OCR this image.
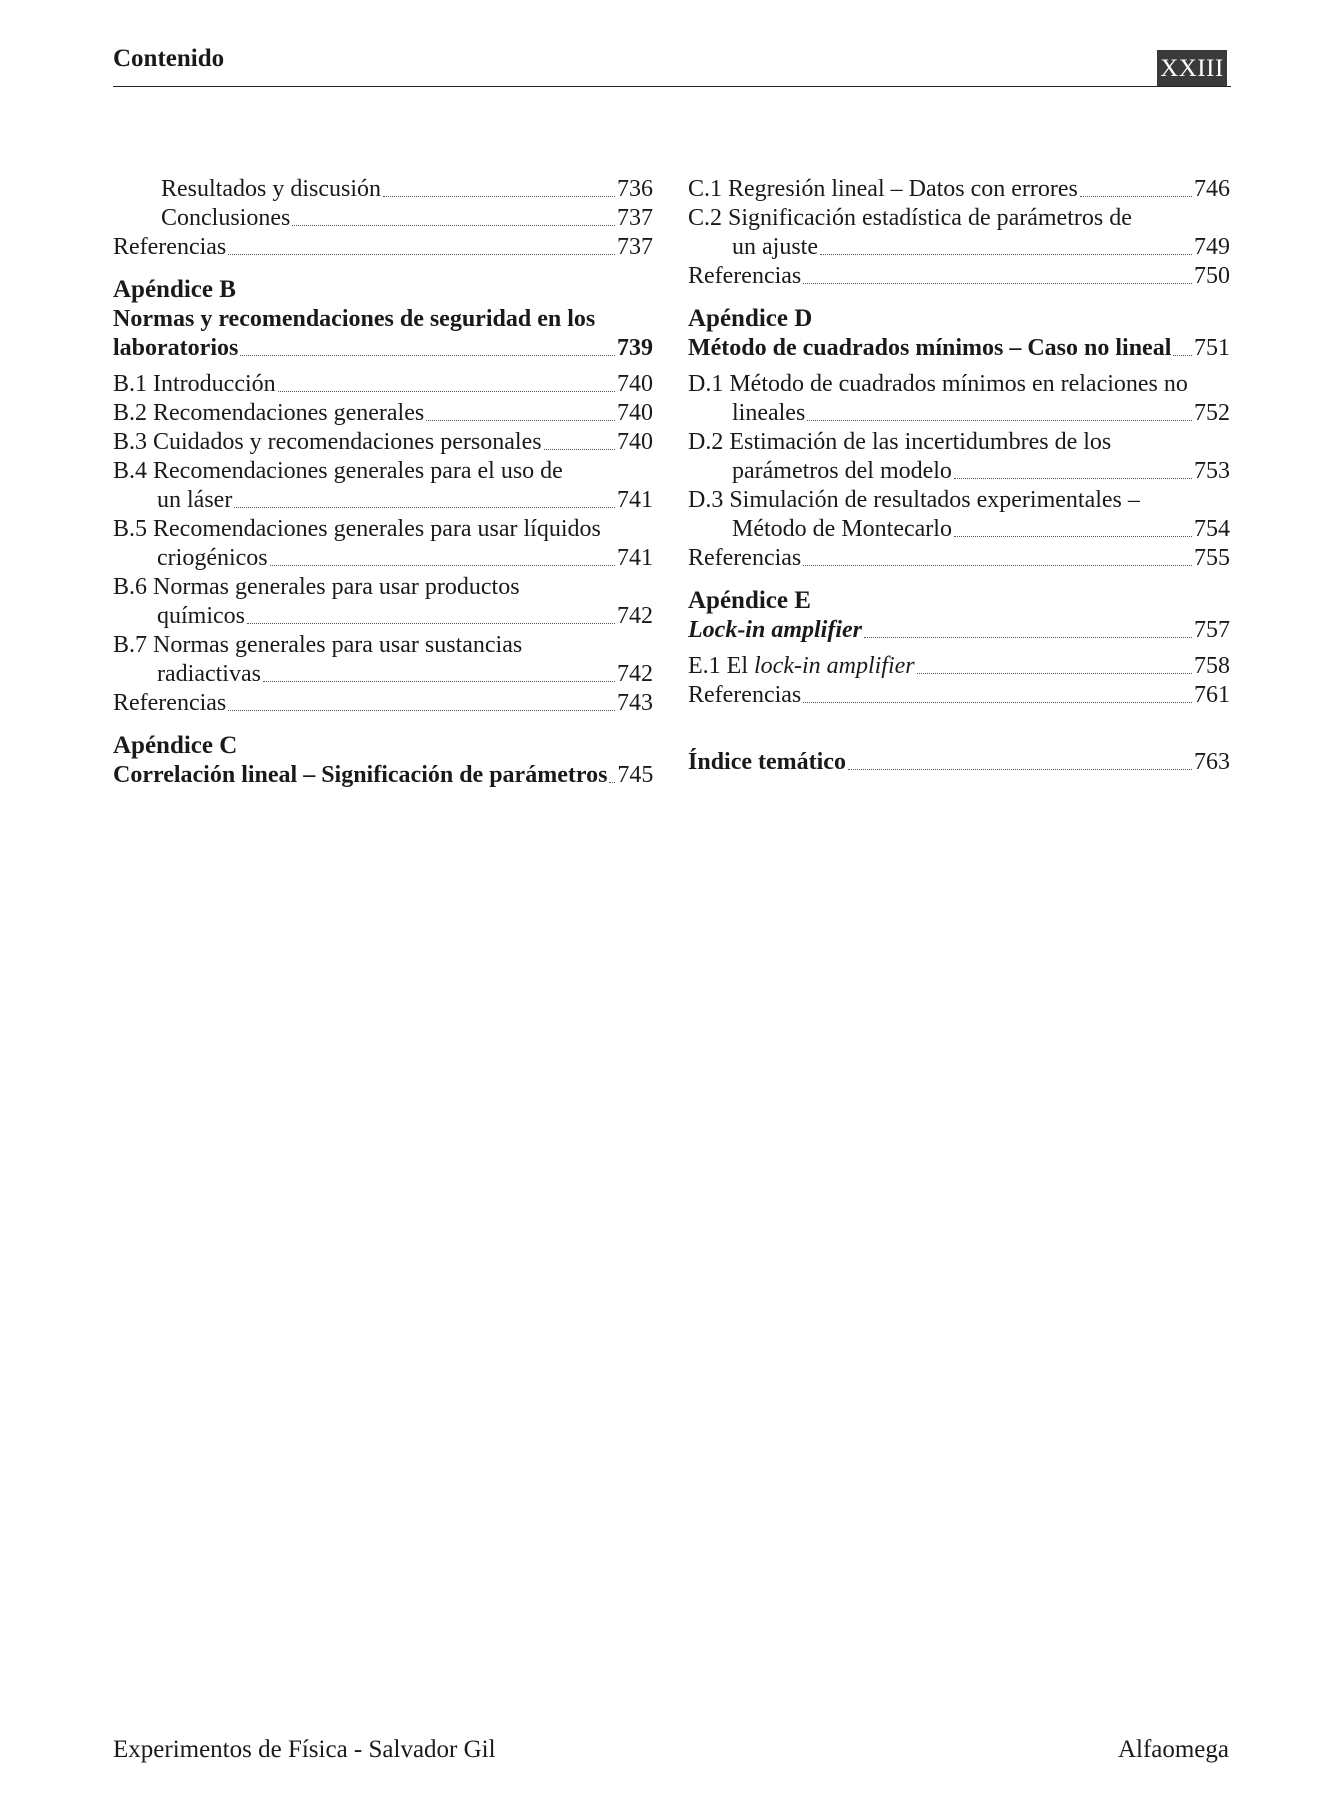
Contenido	XXIII
Resultados y discusión	736
Conclusiones	737
Referencias	737
Apéndice B
Normas y recomendaciones de seguridad en los
laboratorios	739
B.1 Introducción	740
B.2 Recomendaciones generales	740
B.3 Cuidados y recomendaciones personales	740
B.4 Recomendaciones generales para el uso de
un láser	741
B.5 Recomendaciones generales para usar líquidos
criogénicos	741
B.6 Normas generales para usar productos
químicos	742
B.7 Normas generales para usar sustancias
radiactivas	742
Referencias	743
Apéndice C
Correlación lineal – Significación de parámetros 745
C.1 Regresión lineal – Datos con errores	746
C.2 Significación estadística de parámetros de
un ajuste	749
Referencias	750
Apéndice D
Método de cuadrados mínimos – Caso no lineal 751
D.1 Método de cuadrados mínimos en relaciones no
lineales	752
D.2 Estimación de las incertidumbres de los
parámetros del modelo	753
D.3 Simulación de resultados experimentales –
Método de Montecarlo	754
Referencias	755
Apéndice E
Lock-in amplifier	757
E.1 El lock-in amplifier	758
Referencias	761
Índice temático	763
Experimentos de Física - Salvador Gil	Alfaomega
